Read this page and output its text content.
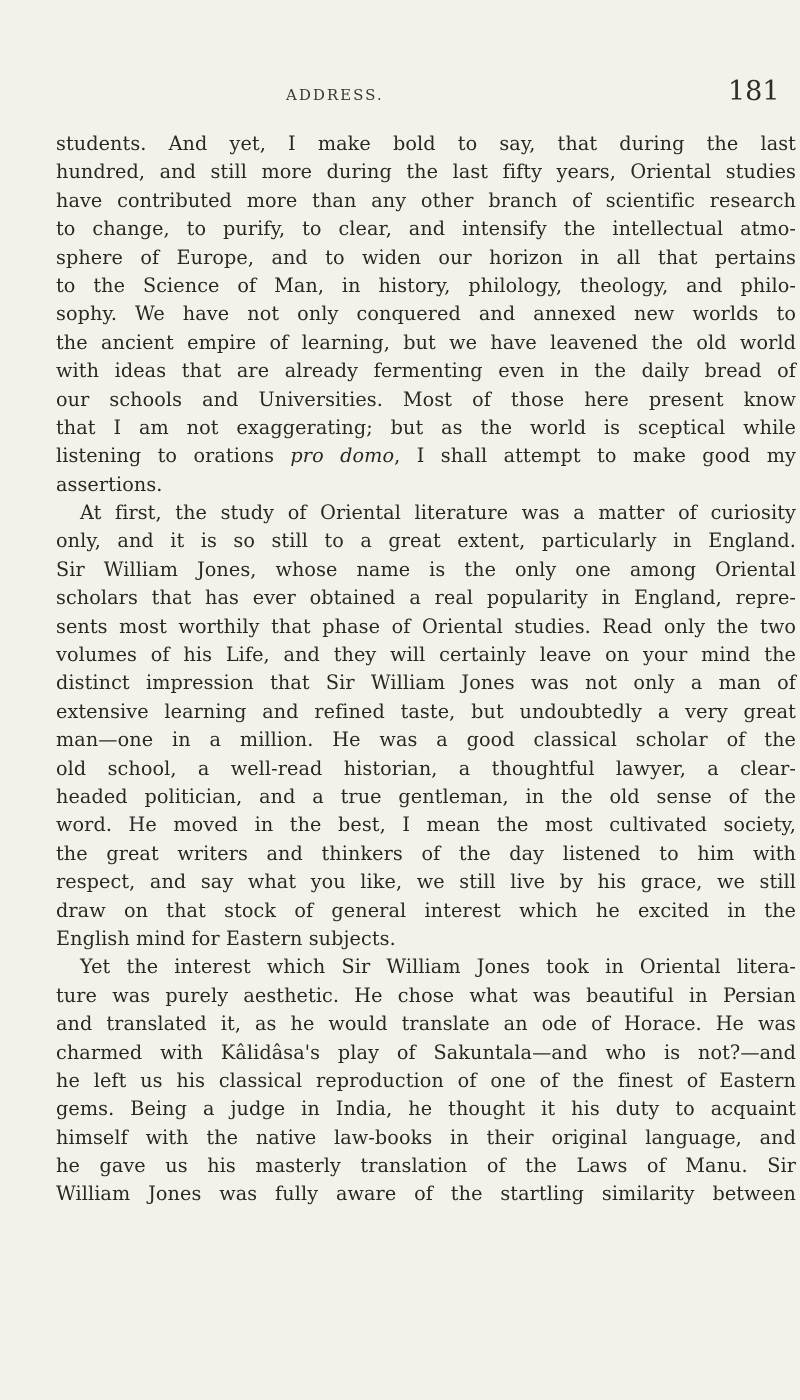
ADDRESS.	181
students. And yet, I make bold to say, that during the last
hundred, and still more during the last fifty years, Oriental studies
have contributed more than any other branch of scientific research
to change, to purify, to clear, and intensify the intellectual atmo-
sphere of Europe, and to widen our horizon in all that pertains
to the Science of Man, in history, philology, theology, and philo-
sophy. We have not only conquered and annexed new worlds to
the ancient empire of learning, but we have leavened the old world
with ideas that are already fermenting even in the daily bread of
our schools and Universities. Most of those here present know
that I am not exaggerating; but as the world is sceptical while
listening to orations pro domo, I shall attempt to make good my
assertions.
At first, the study of Oriental literature was a matter of curiosity
only, and it is so still to a great extent, particularly in England.
Sir William Jones, whose name is the only one among Oriental
scholars that has ever obtained a real popularity in England, repre-
sents most worthily that phase of Oriental studies. Read only the two
volumes of his Life, and they will certainly leave on your mind the
distinct impression that Sir William Jones was not only a man of
extensive learning and refined taste, but undoubtedly a very great
man—one in a million. He was a good classical scholar of the
old school, a well-read historian, a thoughtful lawyer, a clear-
headed politician, and a true gentleman, in the old sense of the
word. He moved in the best, I mean the most cultivated society,
the great writers and thinkers of the day listened to him with
respect, and say what you like, we still live by his grace, we still
draw on that stock of general interest which he excited in the
English mind for Eastern subjects.
Yet the interest which Sir William Jones took in Oriental litera-
ture was purely aesthetic. He chose what was beautiful in Persian
and translated it, as he would translate an ode of Horace. He was
charmed with Kâlidâsa's play of Sakuntala—and who is not?—and
he left us his classical reproduction of one of the finest of Eastern
gems. Being a judge in India, he thought it his duty to acquaint
himself with the native law-books in their original language, and
he gave us his masterly translation of the Laws of Manu. Sir
William Jones was fully aware of the startling similarity between
